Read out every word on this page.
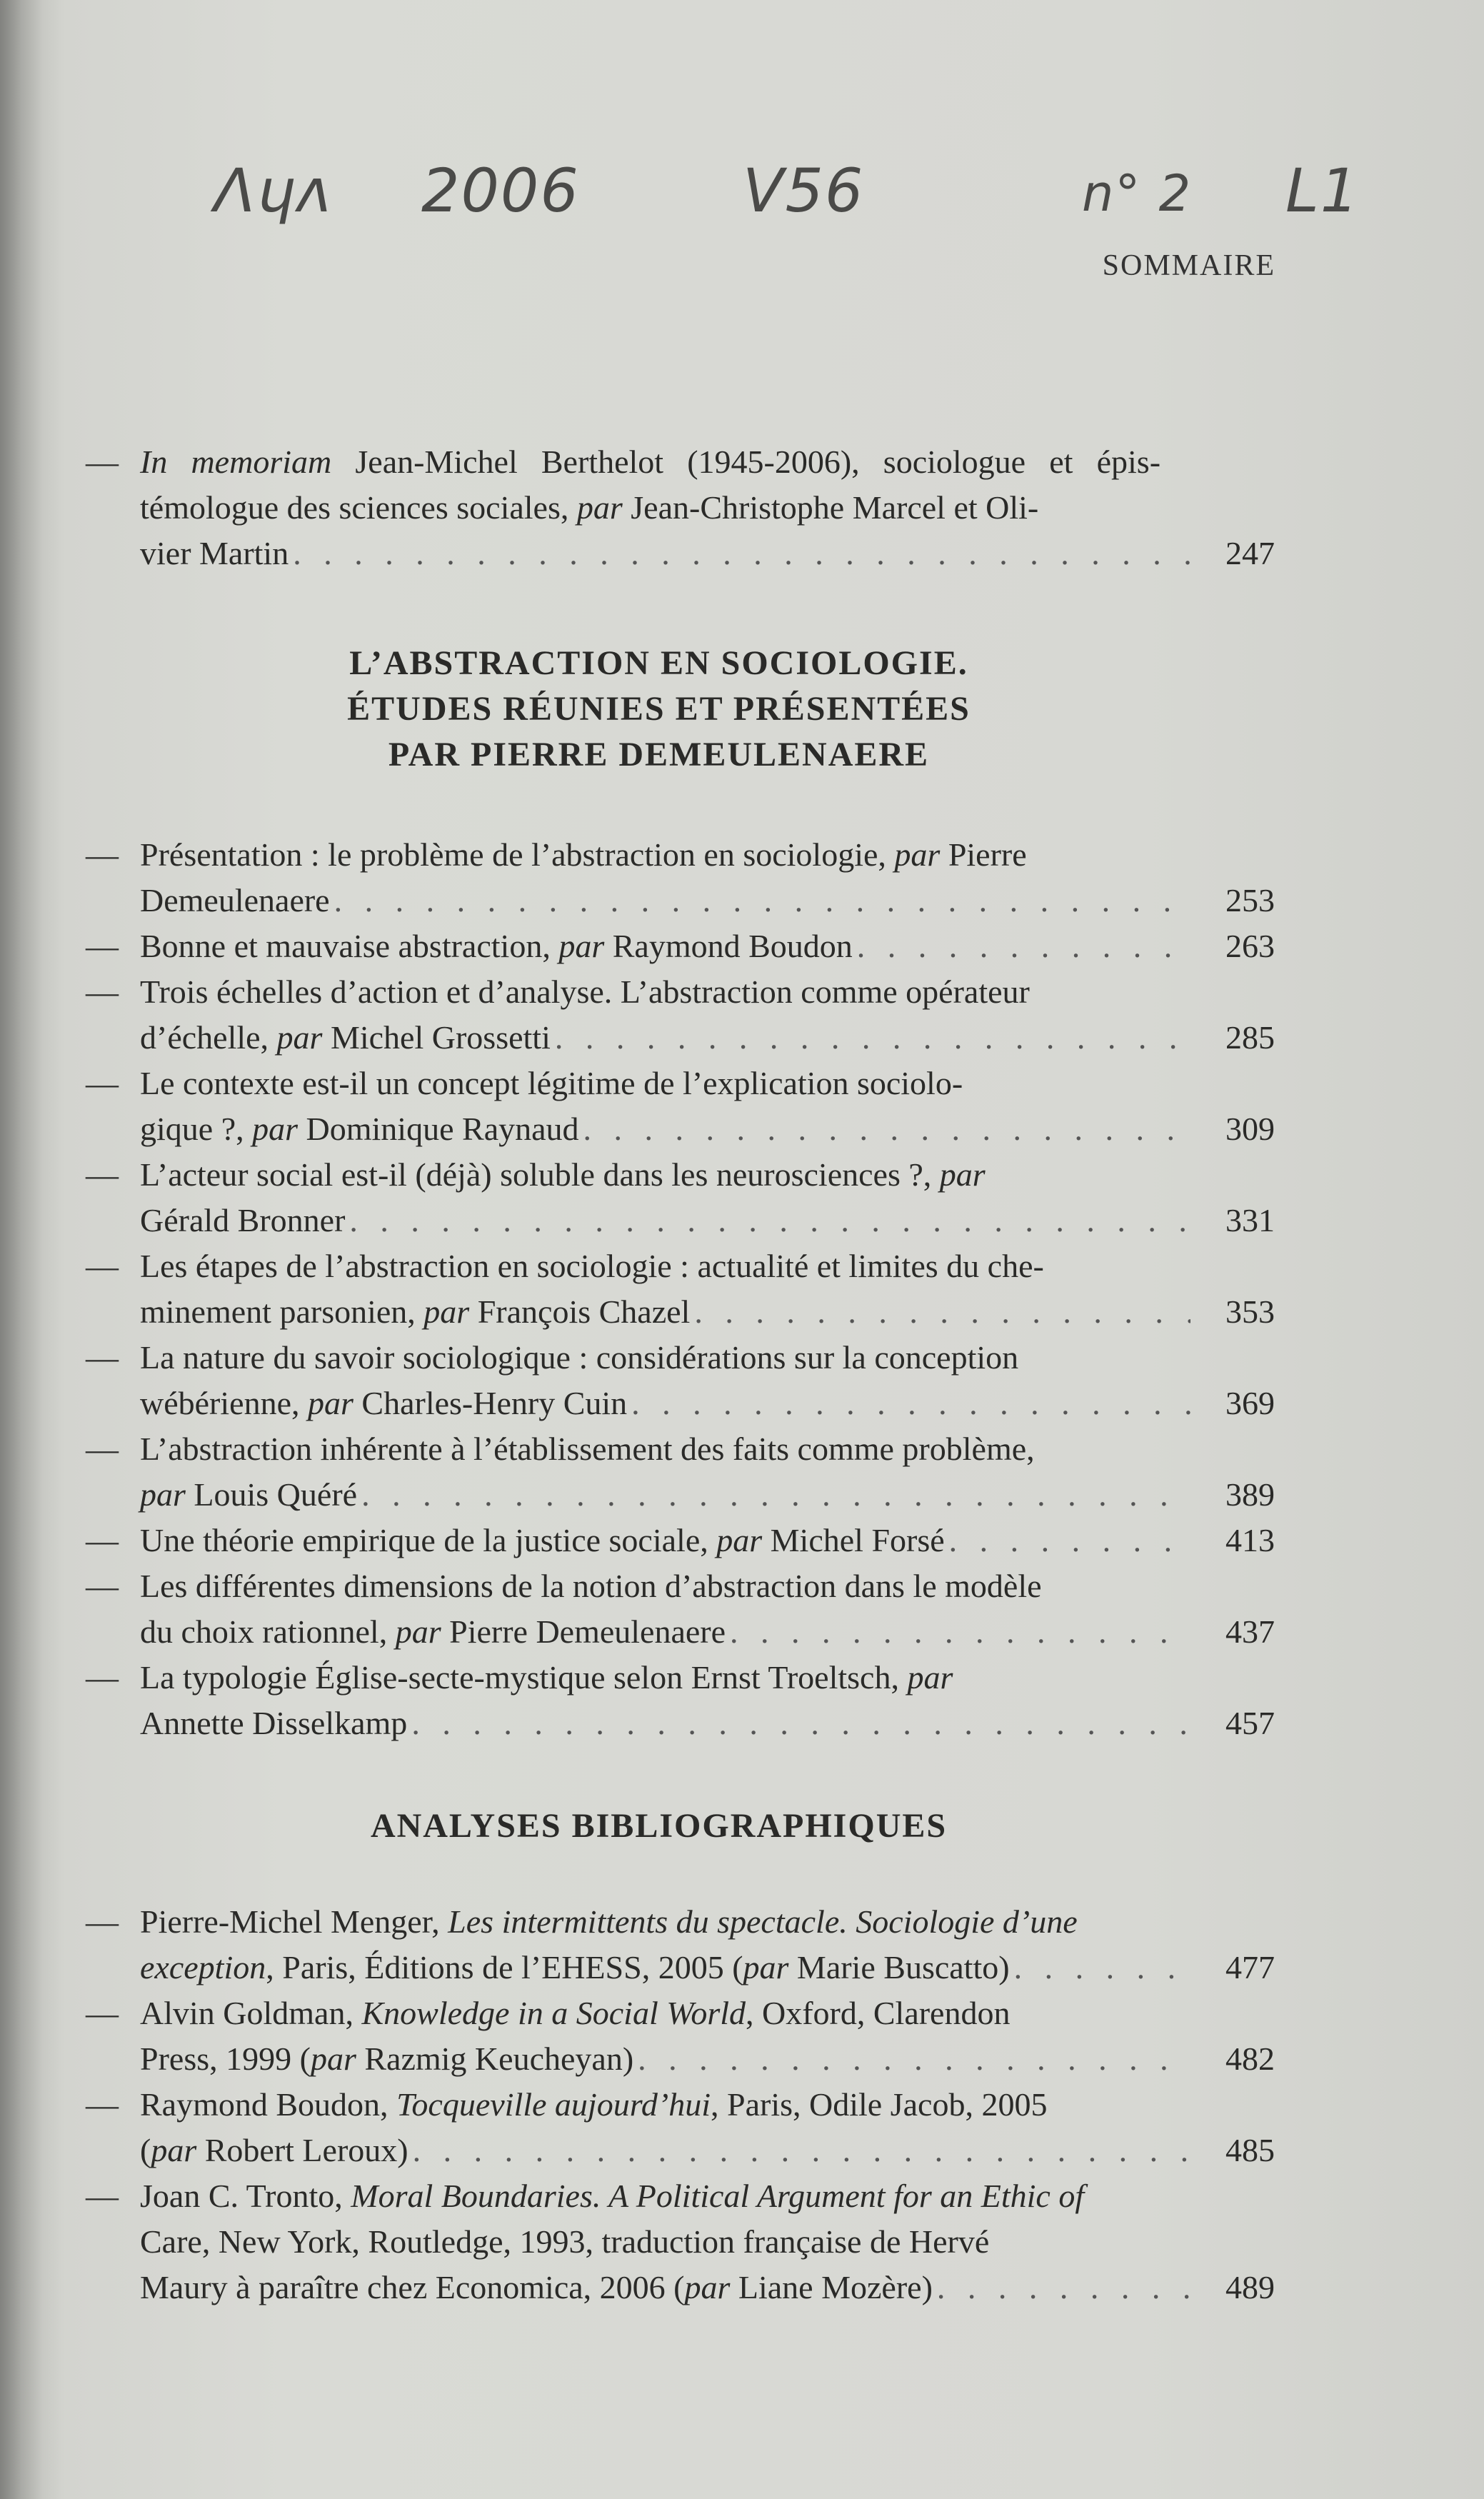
Ʌɥʌ 2006	V56	n° 2 L1
SOMMAIRE
— In memoriam Jean-Michel Berthelot (1945-2006), sociologue et épis-témologue des sciences sociales, par Jean-Christophe Marcel et Oli-
vier Martin . . .	247
L’ABSTRACTION EN SOCIOLOGIE.
ÉTUDES RÉUNIES ET PRÉSENTÉES
PAR PIERRE DEMEULENAERE
— Présentation : le problème de l’abstraction en sociologie, par Pierre
Demeulenaere . . .	253
— Bonne et mauvaise abstraction, par Raymond Boudon . . .	263
— Trois échelles d’action et d’analyse. L’abstraction comme opérateur
d’échelle, par Michel Grossetti . . .	285
— Le contexte est-il un concept légitime de l’explication sociolo-
gique ?, par Dominique Raynaud . . .	309
— L’acteur social est-il (déjà) soluble dans les neurosciences ?, par
Gérald Bronner . . .	331
— Les étapes de l’abstraction en sociologie : actualité et limites du che-
minement parsonien, par François Chazel . . .	353
— La nature du savoir sociologique : considérations sur la conception
wébérienne, par Charles-Henry Cuin . . .	369
— L’abstraction inhérente à l’établissement des faits comme problème,
par Louis Quéré . . .	389
— Une théorie empirique de la justice sociale, par Michel Forsé . . .	413
— Les différentes dimensions de la notion d’abstraction dans le modèle
du choix rationnel, par Pierre Demeulenaere . . .	437
— La typologie Église-secte-mystique selon Ernst Troeltsch, par
Annette Disselkamp . . .	457
ANALYSES BIBLIOGRAPHIQUES
— Pierre-Michel Menger, Les intermittents du spectacle. Sociologie d’une
exception, Paris, Éditions de l’EHESS, 2005 (par Marie Buscatto) . . .	477
— Alvin Goldman, Knowledge in a Social World, Oxford, Clarendon
Press, 1999 (par Razmig Keucheyan) . . .	482
— Raymond Boudon, Tocqueville aujourd’hui, Paris, Odile Jacob, 2005
(par Robert Leroux) . . .	485
— Joan C. Tronto, Moral Boundaries. A Political Argument for an Ethic of
Care, New York, Routledge, 1993, traduction française de Hervé
Maury à paraître chez Economica, 2006 (par Liane Mozère) . . .	489
